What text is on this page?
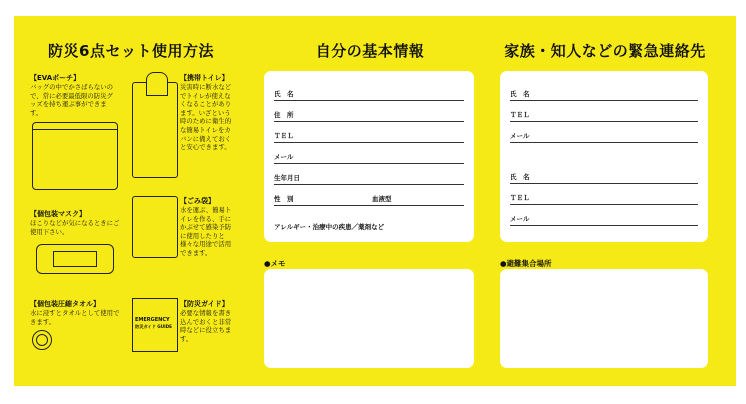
防災6点セット使用方法
【EVAポーチ】
バッグの中でかさばらないので、常に必要最低限の防災グッズを持ち運ぶ事ができます。
【携帯トイレ】
災害時に断水などでトイレが使えなくなることがあります。いざという時のために衛生的な簡易トイレをカバンに備えておくと安心できます。
【個包装マスク】
ほこりなどが気になるときにご使用下さい。
【ごみ袋】
水を運ぶ、簡易トイレを作る、手にかぶせて感染予防に使用したりと様々な用途で活用できます。
【個包装圧縮タオル】
水に浸すとタオルとして使用できます。	EMERGENCY
防災ガイド GUIDE
【防災ガイド】
必要な情報を書き込んでおくと非常時などに役立ちます。
自分の基本情報
氏　名
住　所
ＴＥＬ
メール
生年月日
性　別	血液型
アレルギー・治療中の疾患／薬剤など
●メモ
家族・知人などの緊急連絡先
氏　名
ＴＥＬ
メール
氏　名
ＴＥＬ
メール
●避難集合場所
